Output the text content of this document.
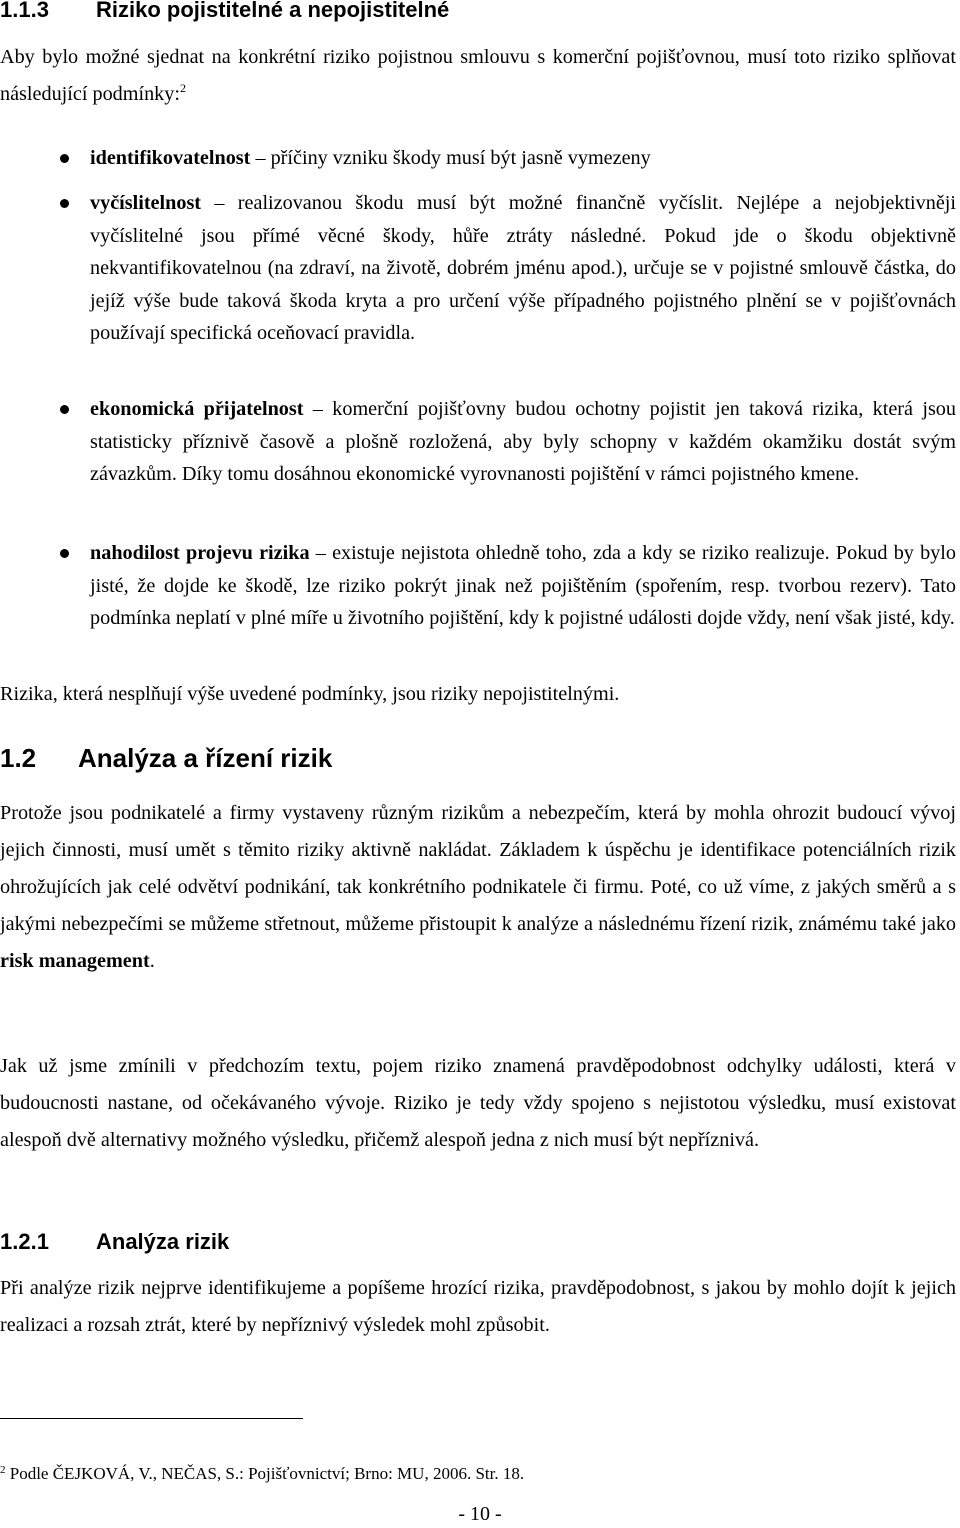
1.1.3 Riziko pojistitelné a nepojistitelné

Aby bylo možné sjednat na konkrétní riziko pojistnou smlouvu s komerční pojišťovnou, musí toto riziko splňovat následující podmínky:$^2$

identifikovatelnost – příčiny vzniku škody musí být jasně vymezeny

vyčíslitelnost – realizovanou škodu musí být možné finančně vyčíslit. Nejlépe a nejobjektivněji vyčíslitelné jsou přímé věcné škody, hůře ztráty následné. Pokud jde o škodu objektivně nekvantifikovatelnou (na zdraví, na životě, dobrém jménu apod.), určuje se v pojistné smlouvě částka, do jejíž výše bude taková škoda kryta a pro určení výše případného pojistného plnění se v pojišťovnách používají specifická oceňovací pravidla.

ekonomická přijatelnost – komerční pojišťovny budou ochotny pojistit jen taková rizika, která jsou statisticky příznivě časově a plošně rozložená, aby byly schopny v každém okamžiku dostát svým závazkům. Díky tomu dosáhnou ekonomické vyrovnanosti pojištění v rámci pojistného kmene.

nahodilost projevu rizika – existuje nejistota ohledně toho, zda a kdy se riziko realizuje. Pokud by bylo jisté, že dojde ke škodě, lze riziko pokrýt jinak než pojištěním (spořením, resp. tvorbou rezerv). Tato podmínka neplatí v plné míře u životního pojištění, kdy k pojistné události dojde vždy, není však jisté, kdy.

Rizika, která nesplňují výše uvedené podmínky, jsou riziky nepojistitelnými.

1.2 Analýza a řízení rizik

Protože jsou podnikatelé a firmy vystaveny různým rizikům a nebezpečím, která by mohla ohrozit budoucí vývoj jejich činnosti, musí umět s těmito riziky aktivně nakládat. Základem k úspěchu je identifikace potenciálních rizik ohrožujících jak celé odvětví podnikání, tak konkrétního podnikatele či firmu. Poté, co už víme, z jakých směrů a s jakými nebezpečími se můžeme střetnout, můžeme přistoupit k analýze a následnému řízení rizik, známému také jako risk management.

Jak už jsme zmínili v předchozím textu, pojem riziko znamená pravděpodobnost odchylky události, která v budoucnosti nastane, od očekávaného vývoje. Riziko je tedy vždy spojeno s nejistotou výsledku, musí existovat alespoň dvě alternativy možného výsledku, přičemž alespoň jedna z nich musí být nepříznivá.

1.2.1 Analýza rizik

Při analýze rizik nejprve identifikujeme a popíšeme hrozící rizika, pravděpodobnost, s jakou by mohlo dojít k jejich realizaci a rozsah ztrát, které by nepříznivý výsledek mohl způsobit.

$^2$ Podle ČEJKOVÁ, V., NEČAS, S.: Pojišťovnictví; Brno: MU, 2006. Str. 18.

- 10 -
